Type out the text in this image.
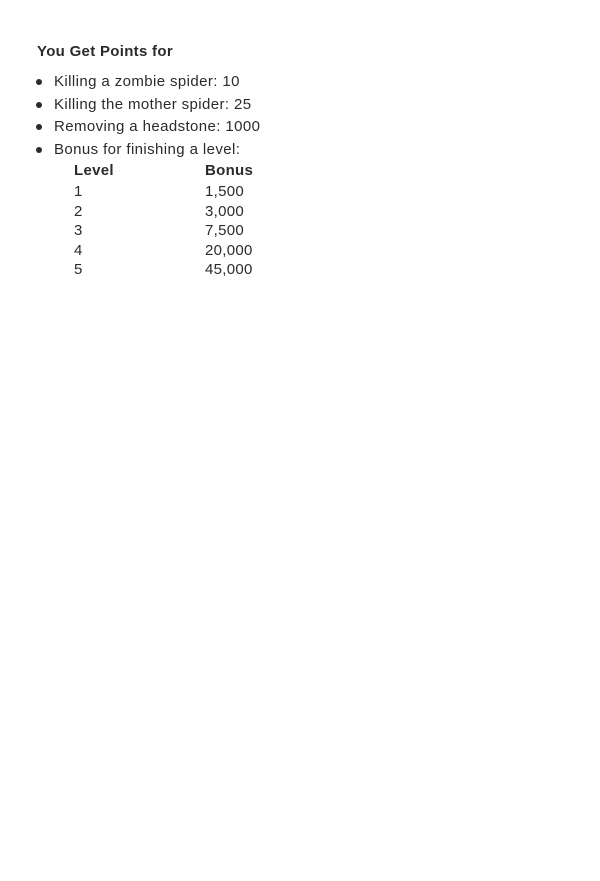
You Get Points for
Killing a zombie spider: 10
Killing the mother spider: 25
Removing a headstone: 1000
Bonus for finishing a level:
Level	Bonus
1	1,500
2	3,000
3	7,500
4	20,000
5	45,000
